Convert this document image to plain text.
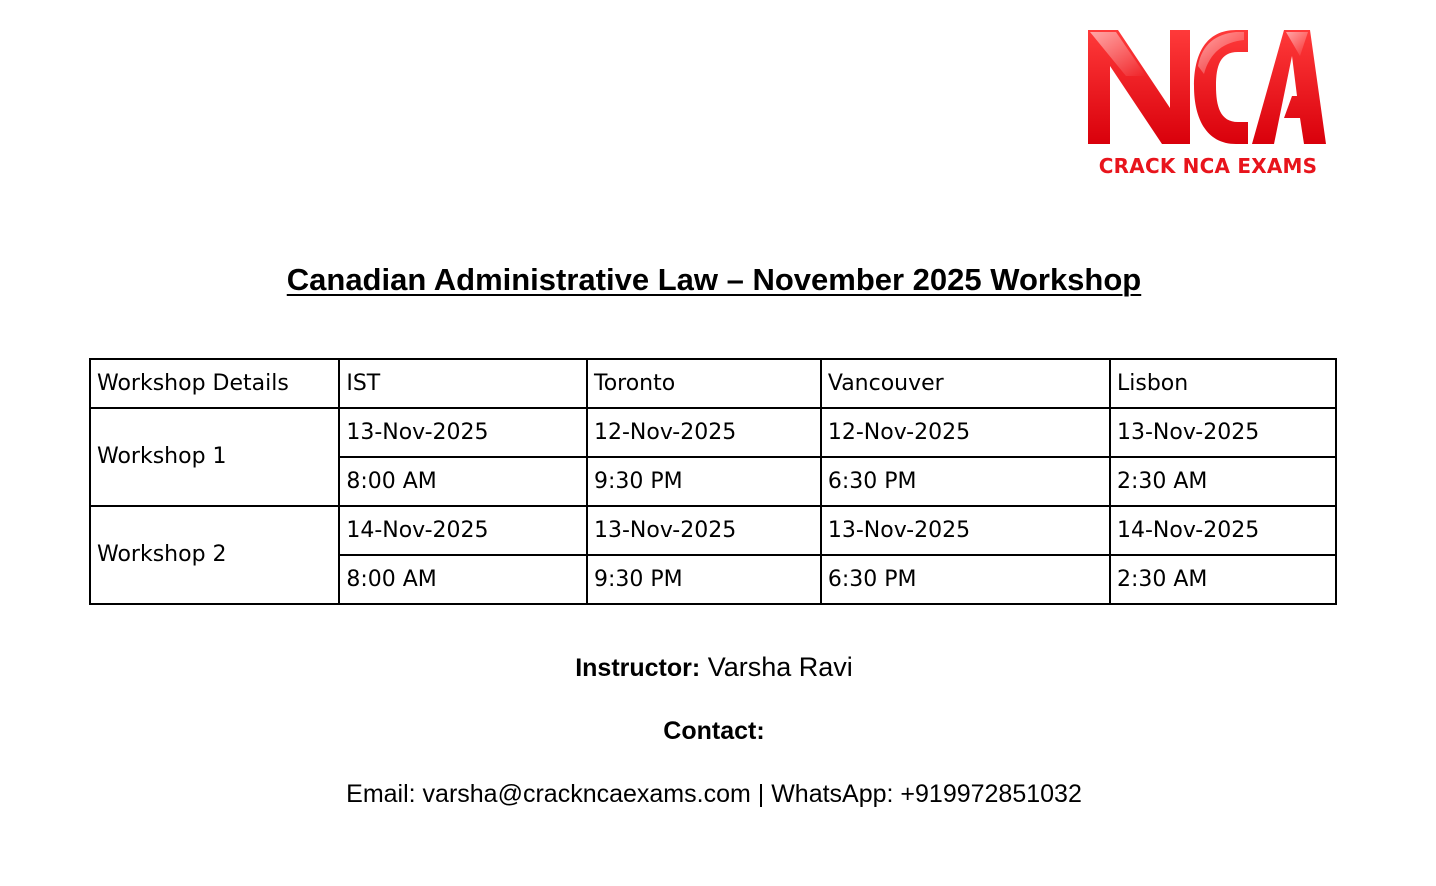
CRACK NCA EXAMS
Canadian Administrative Law – November 2025 Workshop
Workshop Details	IST	Toronto	Vancouver	Lisbon
Workshop 1	13-Nov-2025	12-Nov-2025	12-Nov-2025	13-Nov-2025
	8:00 AM	9:30 PM	6:30 PM	2:30 AM
Workshop 2	14-Nov-2025	13-Nov-2025	13-Nov-2025	14-Nov-2025
	8:00 AM	9:30 PM	6:30 PM	2:30 AM
Instructor: Varsha Ravi
Contact:
Email: varsha@crackncaexams.com | WhatsApp: +919972851032
